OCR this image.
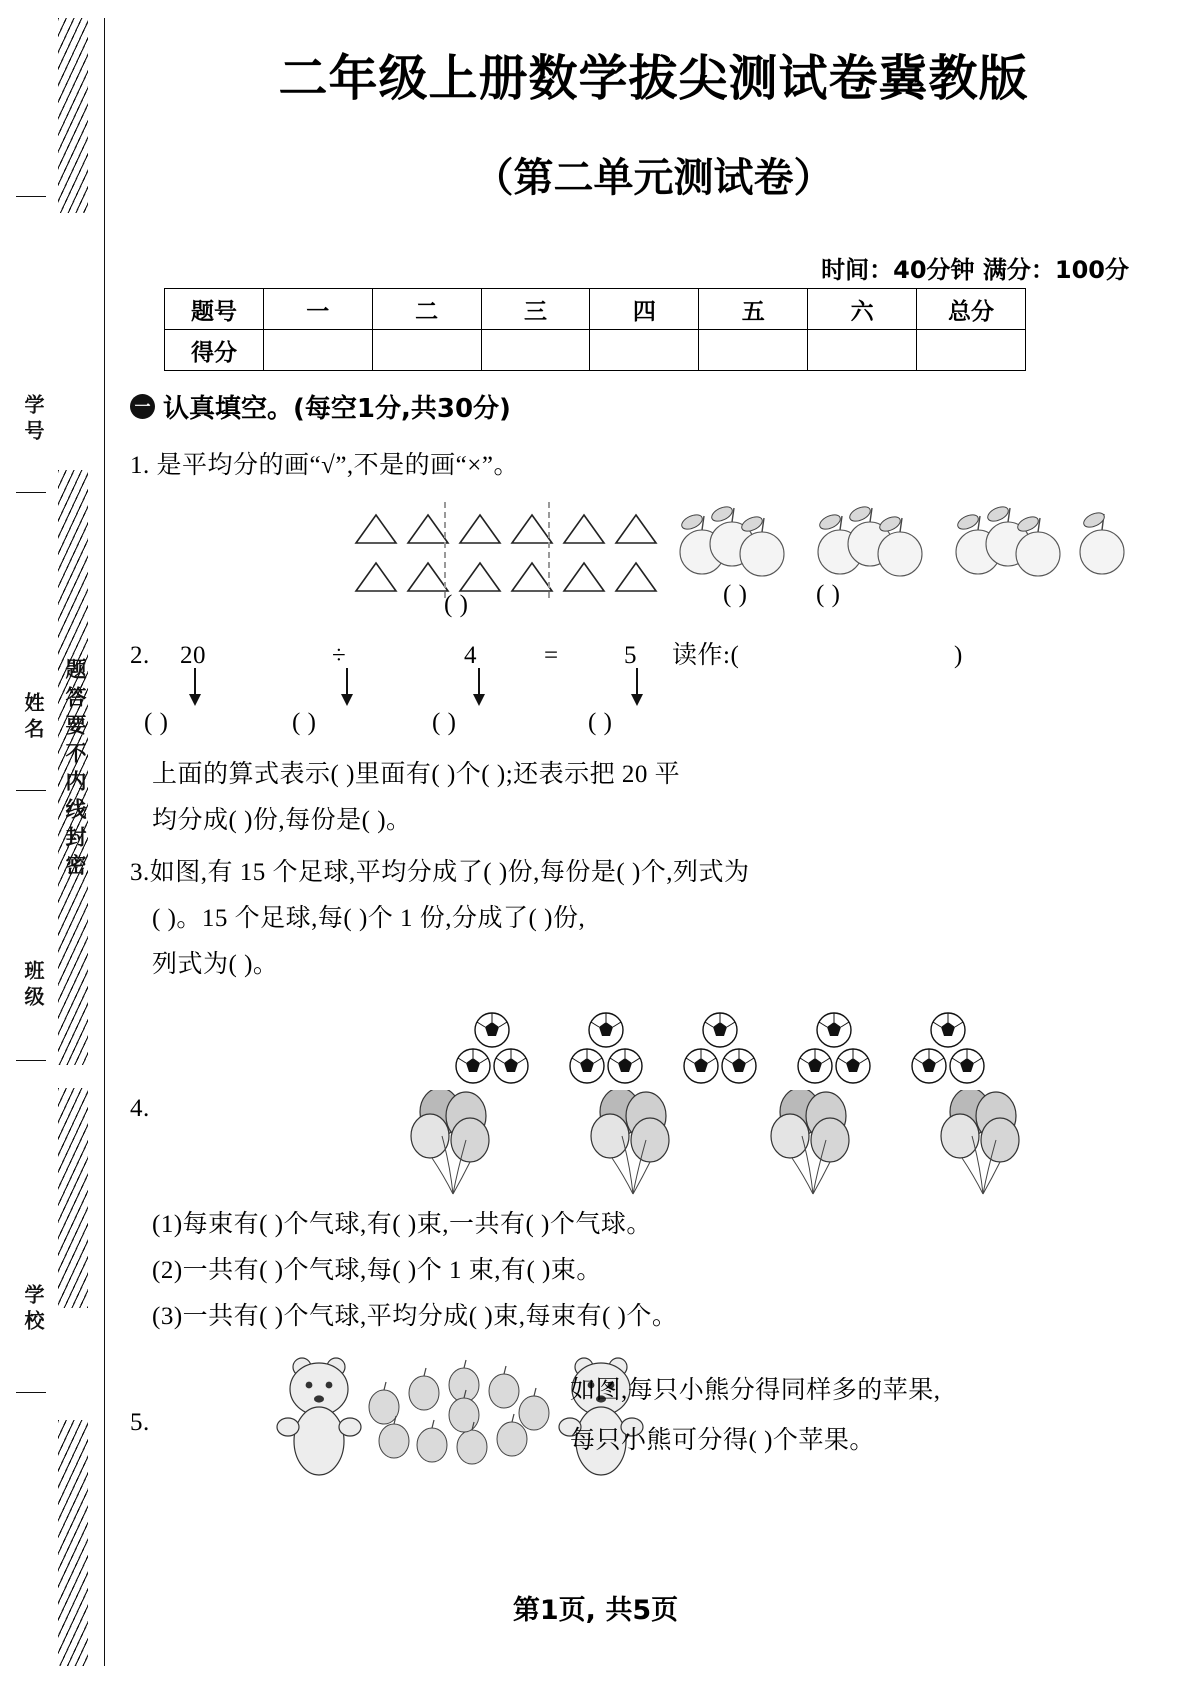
题答要不内线封密
学号
姓名
班级
学校
二年级上册数学拔尖测试卷冀教版
（第二单元测试卷）
时间：40分钟 满分：100分
题号	一	二	三	四	五	六	总分
得分							
一 认真填空。(每空1分,共30分)
1. 是平均分的画“√”,不是的画“×”。
( )	( )	( )
2. 20	÷	4	=	5 读作:(	)
( )	( )	( )	( )
上面的算式表示( )里面有( )个( );还表示把 20 平
均分成( )份,每份是( )。
3.如图,有 15 个足球,平均分成了( )份,每份是( )个,列式为
( )。15 个足球,每( )个 1 份,分成了( )份,
列式为( )。
4.
(1)每束有( )个气球,有( )束,一共有( )个气球。
(2)一共有( )个气球,每( )个 1 束,有( )束。
(3)一共有( )个气球,平均分成( )束,每束有( )个。
5.
如图,每只小熊分得同样多的苹果,
每只小熊可分得( )个苹果。
第1页, 共5页
